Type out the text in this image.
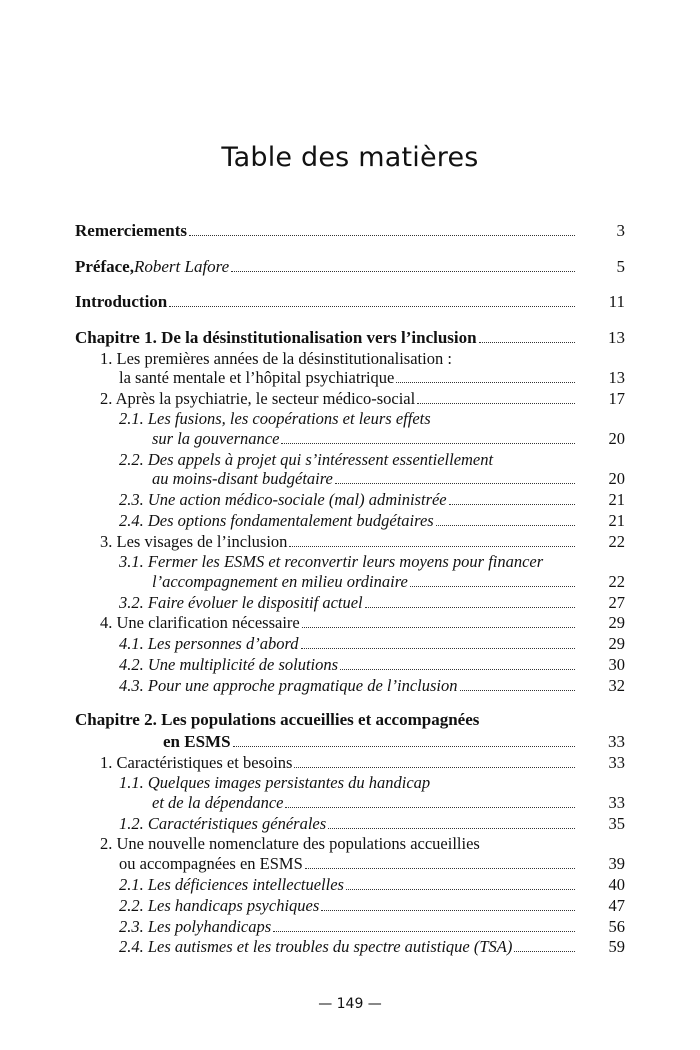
Table des matières
Remerciements	3
Préface, Robert Lafore	5
Introduction	11
Chapitre 1. De la désinstitutionalisation vers l’inclusion	13
1. Les premières années de la désinstitutionalisation :
la santé mentale et l’hôpital psychiatrique	13
2. Après la psychiatrie, le secteur médico-social	17
2.1. Les fusions, les coopérations et leurs effets
sur la gouvernance	20
2.2. Des appels à projet qui s’intéressent essentiellement
au moins-disant budgétaire	20
2.3. Une action médico-sociale (mal) administrée	21
2.4. Des options fondamentalement budgétaires	21
3. Les visages de l’inclusion	22
3.1. Fermer les ESMS et reconvertir leurs moyens pour financer
l’accompagnement en milieu ordinaire	22
3.2. Faire évoluer le dispositif actuel	27
4. Une clarification nécessaire	29
4.1. Les personnes d’abord	29
4.2. Une multiplicité de solutions	30
4.3. Pour une approche pragmatique de l’inclusion	32
Chapitre 2. Les populations accueillies et accompagnées
en ESMS	33
1. Caractéristiques et besoins	33
1.1. Quelques images persistantes du handicap
et de la dépendance	33
1.2. Caractéristiques générales	35
2. Une nouvelle nomenclature des populations accueillies
ou accompagnées en ESMS	39
2.1. Les déficiences intellectuelles	40
2.2. Les handicaps psychiques	47
2.3. Les polyhandicaps	56
2.4. Les autismes et les troubles du spectre autistique (TSA)	59
— 149 —
